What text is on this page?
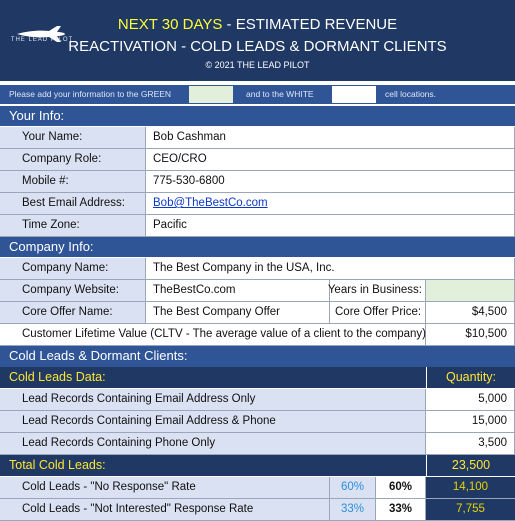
THE LEAD PILOT
NEXT 30 DAYS - ESTIMATED REVENUE
REACTIVATION - COLD LEADS & DORMANT CLIENTS
© 2021 THE LEAD PILOT
Please add your information to the GREEN	and to the WHITE	cell locations.
Your Info:
Your Name:	Bob Cashman
Company Role:	CEO/CRO
Mobile #:	775-530-6800
Best Email Address:	Bob@TheBestCo.com
Time Zone:	Pacific
Company Info:
Company Name:	The Best Company in the USA, Inc.
Company Website:	TheBestCo.com	Years in Business:
Core Offer Name:	The Best Company Offer	Core Offer Price:	$4,500
Customer Lifetime Value (CLTV - The average value of a client to the company)	$10,500
Cold Leads & Dormant Clients:
Cold Leads Data:	Quantity:
Lead Records Containing Email Address Only	5,000
Lead Records Containing Email Address & Phone	15,000
Lead Records Containing Phone Only	3,500
Total Cold Leads:	23,500
Cold Leads - "No Response" Rate	60%	60%	14,100
Cold Leads - "Not Interested" Response Rate	33%	33%	7,755
